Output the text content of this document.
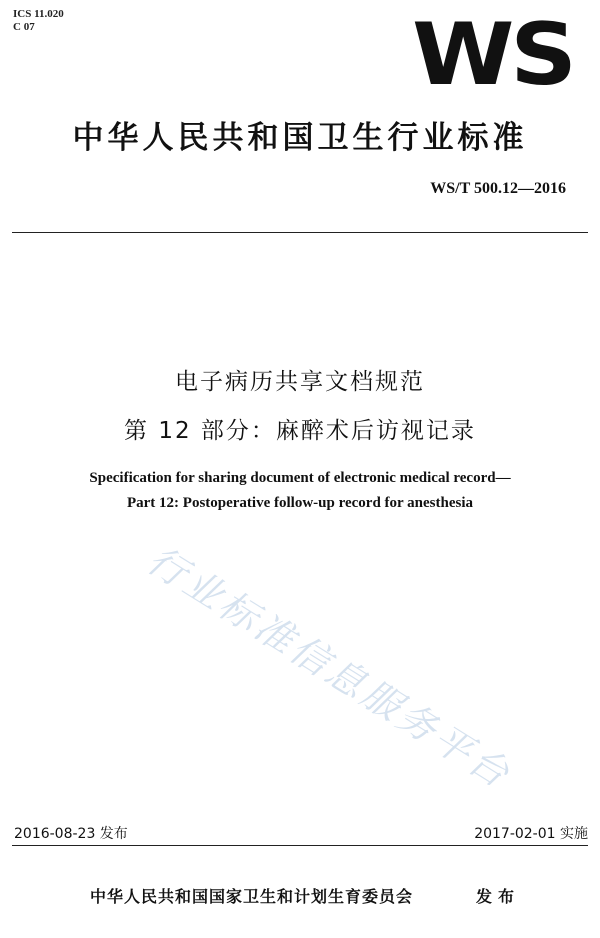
ICS 11.020
C 07	WS
中华人民共和国卫生行业标准
WS/T 500.12—2016
电子病历共享文档规范
第 12 部分：麻醉术后访视记录
Specification for sharing document of electronic medical record—
Part 12: Postoperative follow-up record for anesthesia
行业标准信息服务平台
2016-08-23 发布	2017-02-01 实施
中华人民共和国国家卫生和计划生育委员会	发布
